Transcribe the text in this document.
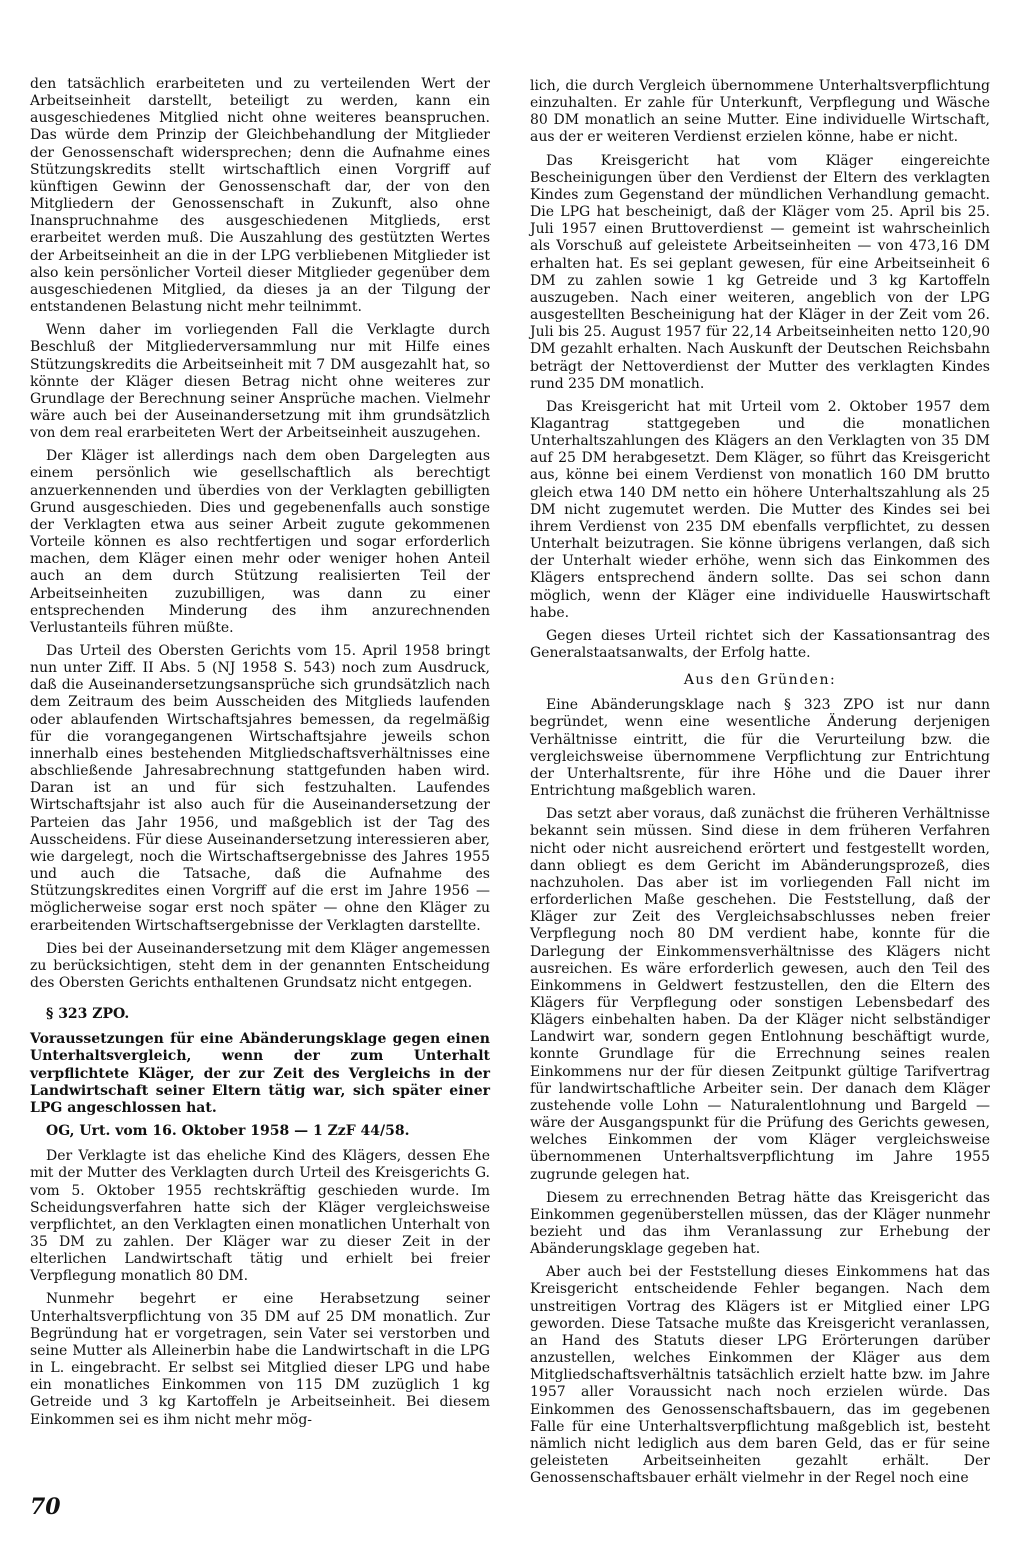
den tatsächlich erarbeiteten und zu verteilenden Wert der Arbeitseinheit darstellt, beteiligt zu werden, kann ein ausgeschiedenes Mitglied nicht ohne weiteres beanspruchen. Das würde dem Prinzip der Gleichbehandlung der Mitglieder der Genossenschaft widersprechen; denn die Aufnahme eines Stützungskredits stellt wirtschaftlich einen Vorgriff auf künftigen Gewinn der Genossenschaft dar, der von den Mitgliedern der Genossenschaft in Zukunft, also ohne Inanspruchnahme des ausgeschiedenen Mitglieds, erst erarbeitet werden muß. Die Auszahlung des gestützten Wertes der Arbeitseinheit an die in der LPG verbliebenen Mitglieder ist also kein persönlicher Vorteil dieser Mitglieder gegenüber dem ausgeschiedenen Mitglied, da dieses ja an der Tilgung der entstandenen Belastung nicht mehr teilnimmt.

Wenn daher im vorliegenden Fall die Verklagte durch Beschluß der Mitgliederversammlung nur mit Hilfe eines Stützungskredits die Arbeitseinheit mit 7 DM ausgezahlt hat, so könnte der Kläger diesen Betrag nicht ohne weiteres zur Grundlage der Berechnung seiner Ansprüche machen. Vielmehr wäre auch bei der Auseinandersetzung mit ihm grundsätzlich von dem real erarbeiteten Wert der Arbeitseinheit auszugehen.

Der Kläger ist allerdings nach dem oben Dargelegten aus einem persönlich wie gesellschaftlich als berechtigt anzuerkennenden und überdies von der Verklagten gebilligten Grund ausgeschieden. Dies und gegebenenfalls auch sonstige der Verklagten etwa aus seiner Arbeit zugute gekommenen Vorteile können es also rechtfertigen und sogar erforderlich machen, dem Kläger einen mehr oder weniger hohen Anteil auch an dem durch Stützung realisierten Teil der Arbeitseinheiten zuzubilligen, was dann zu einer entsprechenden Minderung des ihm anzurechnenden Verlustanteils führen müßte.

Das Urteil des Obersten Gerichts vom 15. April 1958 bringt nun unter Ziff. II Abs. 5 (NJ 1958 S. 543) noch zum Ausdruck, daß die Auseinandersetzungsansprüche sich grundsätzlich nach dem Zeitraum des beim Ausscheiden des Mitglieds laufenden oder ablaufenden Wirtschaftsjahres bemessen, da regelmäßig für die vorangegangenen Wirtschaftsjahre jeweils schon innerhalb eines bestehenden Mitgliedschaftsverhältnisses eine abschließende Jahresabrechnung stattgefunden haben wird. Daran ist an und für sich festzuhalten. Laufendes Wirtschaftsjahr ist also auch für die Auseinandersetzung der Parteien das Jahr 1956, und maßgeblich ist der Tag des Ausscheidens. Für diese Auseinandersetzung interessieren aber, wie dargelegt, noch die Wirtschaftsergebnisse des Jahres 1955 und auch die Tatsache, daß die Aufnahme des Stützungskredites einen Vorgriff auf die erst im Jahre 1956 — möglicherweise sogar erst noch später — ohne den Kläger zu erarbeitenden Wirtschaftsergebnisse der Verklagten darstellte.

Dies bei der Auseinandersetzung mit dem Kläger angemessen zu berücksichtigen, steht dem in der genannten Entscheidung des Obersten Gerichts enthaltenen Grundsatz nicht entgegen.

§ 323 ZPO.

Voraussetzungen für eine Abänderungsklage gegen einen Unterhaltsvergleich, wenn der zum Unterhalt verpflichtete Kläger, der zur Zeit des Vergleichs in der Landwirtschaft seiner Eltern tätig war, sich später einer LPG angeschlossen hat.

OG, Urt. vom 16. Oktober 1958 — 1 ZzF 44/58.

Der Verklagte ist das eheliche Kind des Klägers, dessen Ehe mit der Mutter des Verklagten durch Urteil des Kreisgerichts G. vom 5. Oktober 1955 rechtskräftig geschieden wurde. Im Scheidungsverfahren hatte sich der Kläger vergleichsweise verpflichtet, an den Verklagten einen monatlichen Unterhalt von 35 DM zu zahlen. Der Kläger war zu dieser Zeit in der elterlichen Landwirtschaft tätig und erhielt bei freier Verpflegung monatlich 80 DM.

Nunmehr begehrt er eine Herabsetzung seiner Unterhaltsverpflichtung von 35 DM auf 25 DM monatlich. Zur Begründung hat er vorgetragen, sein Vater sei verstorben und seine Mutter als Alleinerbin habe die Landwirtschaft in die LPG in L. eingebracht. Er selbst sei Mitglied dieser LPG und habe ein monatliches Einkommen von 115 DM zuzüglich 1 kg Getreide und 3 kg Kartoffeln je Arbeitseinheit. Bei diesem Einkommen sei es ihm nicht mehr mög-

lich, die durch Vergleich übernommene Unterhaltsverpflichtung einzuhalten. Er zahle für Unterkunft, Verpflegung und Wäsche 80 DM monatlich an seine Mutter. Eine individuelle Wirtschaft, aus der er weiteren Verdienst erzielen könne, habe er nicht.

Das Kreisgericht hat vom Kläger eingereichte Bescheinigungen über den Verdienst der Eltern des verklagten Kindes zum Gegenstand der mündlichen Verhandlung gemacht. Die LPG hat bescheinigt, daß der Kläger vom 25. April bis 25. Juli 1957 einen Bruttoverdienst — gemeint ist wahrscheinlich als Vorschuß auf geleistete Arbeitseinheiten — von 473,16 DM erhalten hat. Es sei geplant gewesen, für eine Arbeitseinheit 6 DM zu zahlen sowie 1 kg Getreide und 3 kg Kartoffeln auszugeben. Nach einer weiteren, angeblich von der LPG ausgestellten Bescheinigung hat der Kläger in der Zeit vom 26. Juli bis 25. August 1957 für 22,14 Arbeitseinheiten netto 120,90 DM gezahlt erhalten. Nach Auskunft der Deutschen Reichsbahn beträgt der Nettoverdienst der Mutter des verklagten Kindes rund 235 DM monatlich.

Das Kreisgericht hat mit Urteil vom 2. Oktober 1957 dem Klagantrag stattgegeben und die monatlichen Unterhaltszahlungen des Klägers an den Verklagten von 35 DM auf 25 DM herabgesetzt. Dem Kläger, so führt das Kreisgericht aus, könne bei einem Verdienst von monatlich 160 DM brutto gleich etwa 140 DM netto ein höhere Unterhaltszahlung als 25 DM nicht zugemutet werden. Die Mutter des Kindes sei bei ihrem Verdienst von 235 DM ebenfalls verpflichtet, zu dessen Unterhalt beizutragen. Sie könne übrigens verlangen, daß sich der Unterhalt wieder erhöhe, wenn sich das Einkommen des Klägers entsprechend ändern sollte. Das sei schon dann möglich, wenn der Kläger eine individuelle Hauswirtschaft habe.

Gegen dieses Urteil richtet sich der Kassationsantrag des Generalstaatsanwalts, der Erfolg hatte.

Aus den Gründen:

Eine Abänderungsklage nach § 323 ZPO ist nur dann begründet, wenn eine wesentliche Änderung derjenigen Verhältnisse eintritt, die für die Verurteilung bzw. die vergleichsweise übernommene Verpflichtung zur Entrichtung der Unterhaltsrente, für ihre Höhe und die Dauer ihrer Entrichtung maßgeblich waren.

Das setzt aber voraus, daß zunächst die früheren Verhältnisse bekannt sein müssen. Sind diese in dem früheren Verfahren nicht oder nicht ausreichend erörtert und festgestellt worden, dann obliegt es dem Gericht im Abänderungsprozeß, dies nachzuholen. Das aber ist im vorliegenden Fall nicht im erforderlichen Maße geschehen. Die Feststellung, daß der Kläger zur Zeit des Vergleichsabschlusses neben freier Verpflegung noch 80 DM verdient habe, konnte für die Darlegung der Einkommensverhältnisse des Klägers nicht ausreichen. Es wäre erforderlich gewesen, auch den Teil des Einkommens in Geldwert festzustellen, den die Eltern des Klägers für Verpflegung oder sonstigen Lebensbedarf des Klägers einbehalten haben. Da der Kläger nicht selbständiger Landwirt war, sondern gegen Entlohnung beschäftigt wurde, konnte Grundlage für die Errechnung seines realen Einkommens nur der für diesen Zeitpunkt gültige Tarifvertrag für landwirtschaftliche Arbeiter sein. Der danach dem Kläger zustehende volle Lohn — Naturalentlohnung und Bargeld — wäre der Ausgangspunkt für die Prüfung des Gerichts gewesen, welches Einkommen der vom Kläger vergleichsweise übernommenen Unterhaltsverpflichtung im Jahre 1955 zugrunde gelegen hat.

Diesem zu errechnenden Betrag hätte das Kreisgericht das Einkommen gegenüberstellen müssen, das der Kläger nunmehr bezieht und das ihm Veranlassung zur Erhebung der Abänderungsklage gegeben hat.

Aber auch bei der Feststellung dieses Einkommens hat das Kreisgericht entscheidende Fehler begangen. Nach dem unstreitigen Vortrag des Klägers ist er Mitglied einer LPG geworden. Diese Tatsache mußte das Kreisgericht veranlassen, an Hand des Statuts dieser LPG Erörterungen darüber anzustellen, welches Einkommen der Kläger aus dem Mitgliedschaftsverhältnis tatsächlich erzielt hatte bzw. im Jahre 1957 aller Voraussicht nach noch erzielen würde. Das Einkommen des Genossenschaftsbauern, das im gegebenen Falle für eine Unterhaltsverpflichtung maßgeblich ist, besteht nämlich nicht lediglich aus dem baren Geld, das er für seine geleisteten Arbeitseinheiten gezahlt erhält. Der Genossenschaftsbauer erhält vielmehr in der Regel noch eine

70
